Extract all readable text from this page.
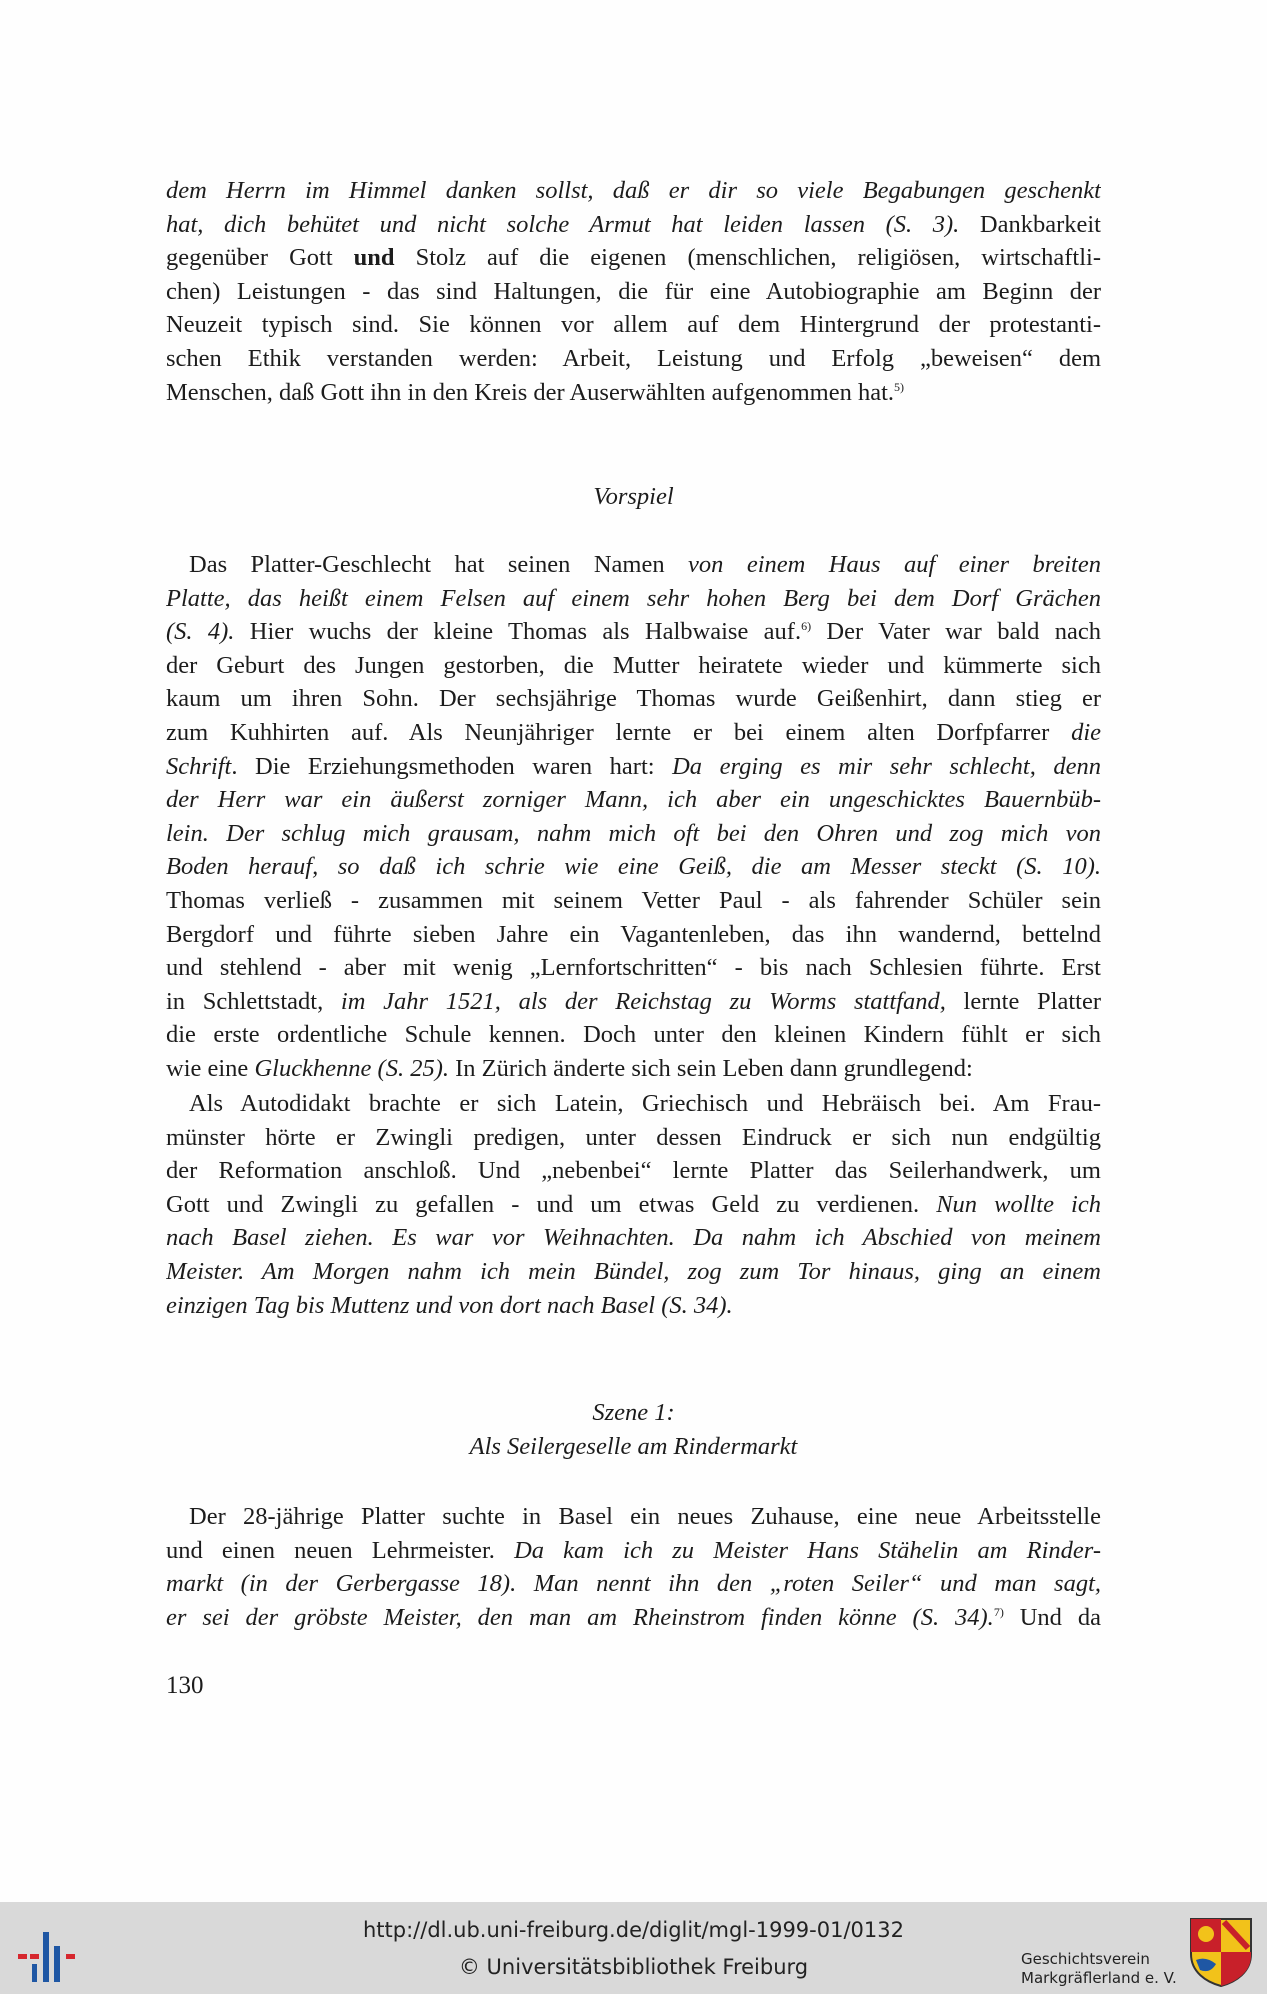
dem Herrn im Himmel danken sollst, daß er dir so viele Begabungen geschenkt
hat, dich behütet und nicht solche Armut hat leiden lassen (S. 3). Dankbarkeit
gegenüber Gott und Stolz auf die eigenen (menschlichen, religiösen, wirtschaftli-
chen) Leistungen - das sind Haltungen, die für eine Autobiographie am Beginn der
Neuzeit typisch sind. Sie können vor allem auf dem Hintergrund der protestanti-
schen Ethik verstanden werden: Arbeit, Leistung und Erfolg „beweisen“ dem
Menschen, daß Gott ihn in den Kreis der Auserwählten aufgenommen hat.$^{5)}$
Vorspiel
Das Platter-Geschlecht hat seinen Namen von einem Haus auf einer breiten
Platte, das heißt einem Felsen auf einem sehr hohen Berg bei dem Dorf Grächen
(S. 4). Hier wuchs der kleine Thomas als Halbwaise auf.$^{6)}$ Der Vater war bald nach
der Geburt des Jungen gestorben, die Mutter heiratete wieder und kümmerte sich
kaum um ihren Sohn. Der sechsjährige Thomas wurde Geißenhirt, dann stieg er
zum Kuhhirten auf. Als Neunjähriger lernte er bei einem alten Dorfpfarrer die
Schrift. Die Erziehungsmethoden waren hart: Da erging es mir sehr schlecht, denn
der Herr war ein äußerst zorniger Mann, ich aber ein ungeschicktes Bauernbüb-
lein. Der schlug mich grausam, nahm mich oft bei den Ohren und zog mich von
Boden herauf, so daß ich schrie wie eine Geiß, die am Messer steckt (S. 10).
Thomas verließ - zusammen mit seinem Vetter Paul - als fahrender Schüler sein
Bergdorf und führte sieben Jahre ein Vagantenleben, das ihn wandernd, bettelnd
und stehlend - aber mit wenig „Lernfortschritten“ - bis nach Schlesien führte. Erst
in Schlettstadt, im Jahr 1521, als der Reichstag zu Worms stattfand, lernte Platter
die erste ordentliche Schule kennen. Doch unter den kleinen Kindern fühlt er sich
wie eine Gluckhenne (S. 25). In Zürich änderte sich sein Leben dann grundlegend:
Als Autodidakt brachte er sich Latein, Griechisch und Hebräisch bei. Am Frau-
münster hörte er Zwingli predigen, unter dessen Eindruck er sich nun endgültig
der Reformation anschloß. Und „nebenbei“ lernte Platter das Seilerhandwerk, um
Gott und Zwingli zu gefallen - und um etwas Geld zu verdienen. Nun wollte ich
nach Basel ziehen. Es war vor Weihnachten. Da nahm ich Abschied von meinem
Meister. Am Morgen nahm ich mein Bündel, zog zum Tor hinaus, ging an einem
einzigen Tag bis Muttenz und von dort nach Basel (S. 34).
Szene 1:
Als Seilergeselle am Rindermarkt
Der 28-jährige Platter suchte in Basel ein neues Zuhause, eine neue Arbeitsstelle
und einen neuen Lehrmeister. Da kam ich zu Meister Hans Stähelin am Rinder-
markt (in der Gerbergasse 18). Man nennt ihn den „roten Seiler“ und man sagt,
er sei der gröbste Meister, den man am Rheinstrom finden könne (S. 34).$^{7)}$ Und da
130
http://dl.ub.uni-freiburg.de/diglit/mgl-1999-01/0132
© Universitätsbibliothek Freiburg	Geschichtsverein
Markgräflerland e. V.
